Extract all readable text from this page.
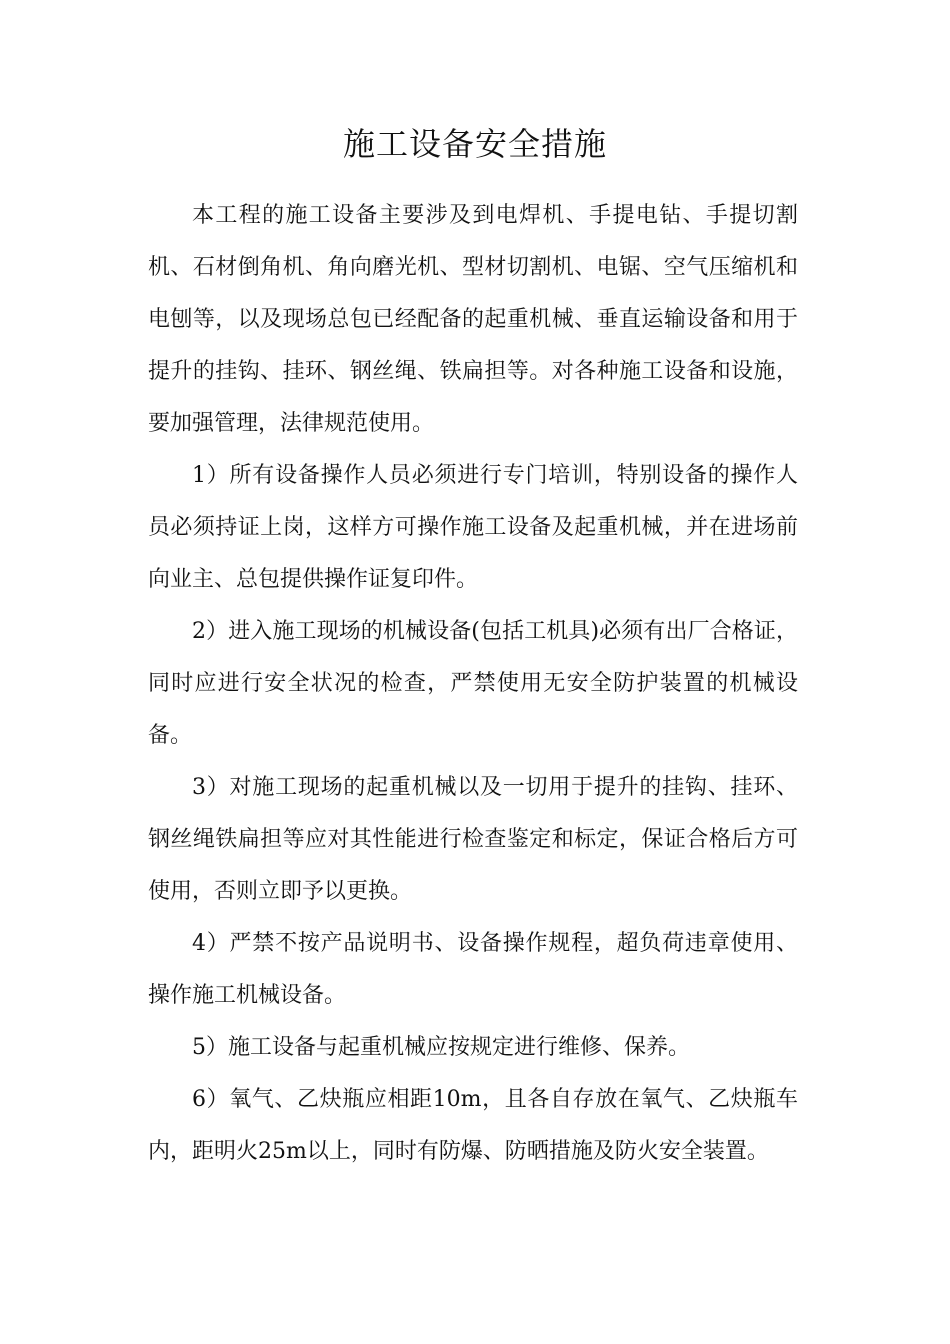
施工设备安全措施

本工程的施工设备主要涉及到电焊机、手提电钻、手提切割机、石材倒角机、角向磨光机、型材切割机、电锯、空气压缩机和电刨等，以及现场总包已经配备的起重机械、垂直运输设备和用于提升的挂钩、挂环、钢丝绳、铁扁担等。对各种施工设备和设施，要加强管理，法律规范使用。

1）所有设备操作人员必须进行专门培训，特别设备的操作人员必须持证上岗，这样方可操作施工设备及起重机械，并在进场前向业主、总包提供操作证复印件。

2）进入施工现场的机械设备(包括工机具)必须有出厂合格证，同时应进行安全状况的检查，严禁使用无安全防护装置的机械设备。

3）对施工现场的起重机械以及一切用于提升的挂钩、挂环、钢丝绳铁扁担等应对其性能进行检查鉴定和标定，保证合格后方可使用，否则立即予以更换。

4）严禁不按产品说明书、设备操作规程，超负荷违章使用、操作施工机械设备。

5）施工设备与起重机械应按规定进行维修、保养。

6）氧气、乙炔瓶应相距10m，且各自存放在氧气、乙炔瓶车内，距明火25m以上，同时有防爆、防晒措施及防火安全装置。
